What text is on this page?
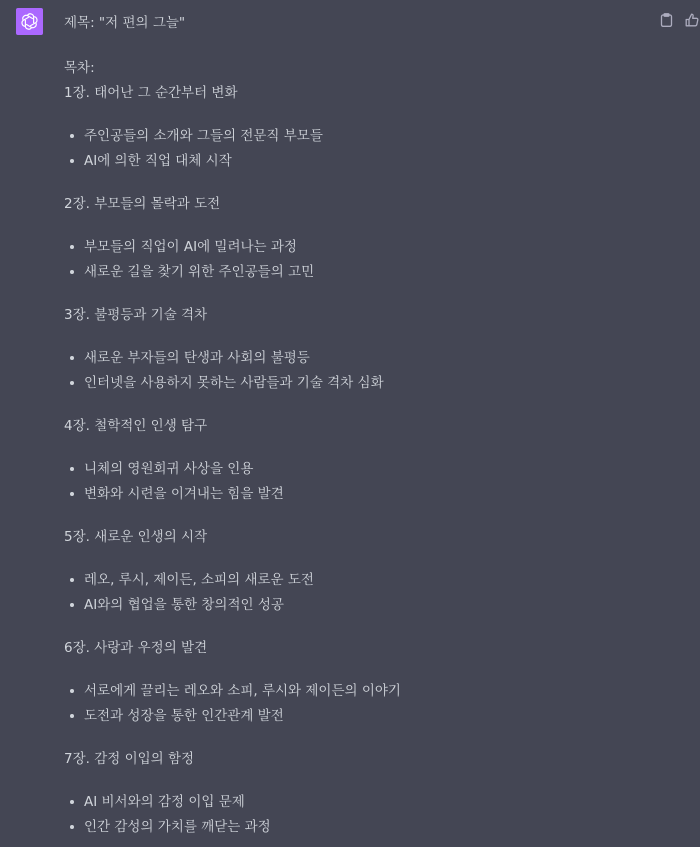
제목: "저 편의 그늘"

목차:

1장. 태어난 그 순간부터 변화

주인공들의 소개와 그들의 전문직 부모들
AI에 의한 직업 대체 시작

2장. 부모들의 몰락과 도전

부모들의 직업이 AI에 밀려나는 과정
새로운 길을 찾기 위한 주인공들의 고민

3장. 불평등과 기술 격차

새로운 부자들의 탄생과 사회의 불평등
인터넷을 사용하지 못하는 사람들과 기술 격차 심화

4장. 철학적인 인생 탐구

니체의 영원회귀 사상을 인용
변화와 시련을 이겨내는 힘을 발견

5장. 새로운 인생의 시작

레오, 루시, 제이든, 소피의 새로운 도전
AI와의 협업을 통한 창의적인 성공

6장. 사랑과 우정의 발견

서로에게 끌리는 레오와 소피, 루시와 제이든의 이야기
도전과 성장을 통한 인간관계 발전

7장. 감정 이입의 함정

AI 비서와의 감정 이입 문제
인간 감성의 가치를 깨닫는 과정
